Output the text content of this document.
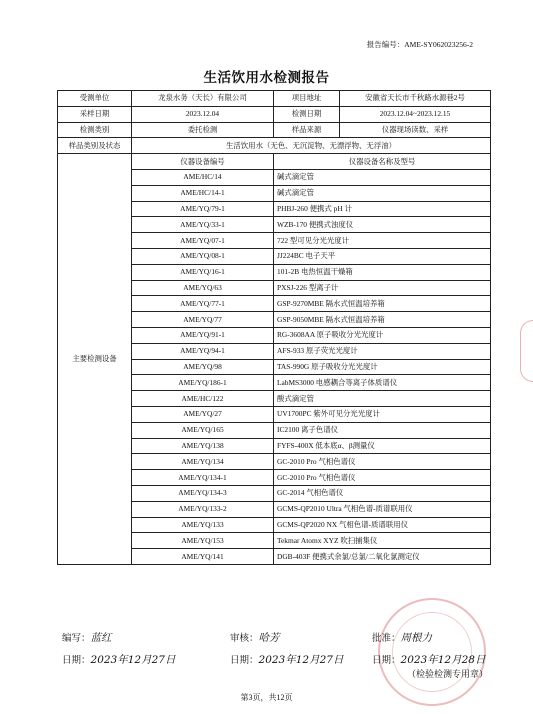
报告编号：AME-SY062023256-2
生活饮用水检测报告
受测单位	龙泉水务（天长）有限公司	项目地址	安徽省天长市千秋路水源巷2号
采样日期	2023.12.04	检测日期	2023.12.04~2023.12.15
检测类别	委托检测	样品来源	仪器现场读数、采样
样品类别及状态	生活饮用水（无色、无沉淀物、无漂浮物、无浮油）		
主要检测设备	仪器设备编号	仪器设备名称及型号	
	AME/HC/14	碱式滴定管	
	AME/HC/14-1	碱式滴定管	
	AME/YQ/79-1	PHBJ-260 便携式 pH 计	
	AME/YQ/33-1	WZB-170 便携式浊度仪	
	AME/YQ/07-1	722 型可见分光光度计	
	AME/YQ/08-1	JJ224BC 电子天平	
	AME/YQ/16-1	101-2B 电热恒温干燥箱	
	AME/YQ/63	PXSJ-226 型离子计	
	AME/YQ/77-1	GSP-9270MBE 隔水式恒温培养箱	
	AME/YQ/77	GSP-9050MBE 隔水式恒温培养箱	
	AME/YQ/91-1	RG-3608AA 原子吸收分光光度计	
	AME/YQ/94-1	AFS-933 原子荧光光度计	
	AME/YQ/98	TAS-990G 原子吸收分光光度计	
	AME/YQ/186-1	LabMS3000 电感耦合等离子体质谱仪	
	AME/HC/122	酸式滴定管	
	AME/YQ/27	UV1700PC 紫外可见分光光度计	
	AME/YQ/165	IC2100 离子色谱仪	
	AME/YQ/138	FYFS-400X 低本底α、β测量仪	
	AME/YQ/134	GC-2010 Pro 气相色谱仪	
	AME/YQ/134-1	GC-2010 Pro 气相色谱仪	
	AME/YQ/134-3	GC-2014 气相色谱仪	
	AME/YQ/133-2	GCMS-QP2010 Ultra 气相色谱-质谱联用仪	
	AME/YQ/133	GCMS-QP2020 NX 气相色谱-质谱联用仪	
	AME/YQ/153	Tekmar Atomx XYZ 吹扫捕集仪	
	AME/YQ/141	DGB-403F 便携式余氯/总氯/二氧化氯测定仪	
编写：蓝红	审核：哈芳	批准：周根力
日期：2023年12月27日	日期：2023年12月27日	日期：2023年12月28日
（检验检测专用章）
第3页，共12页
